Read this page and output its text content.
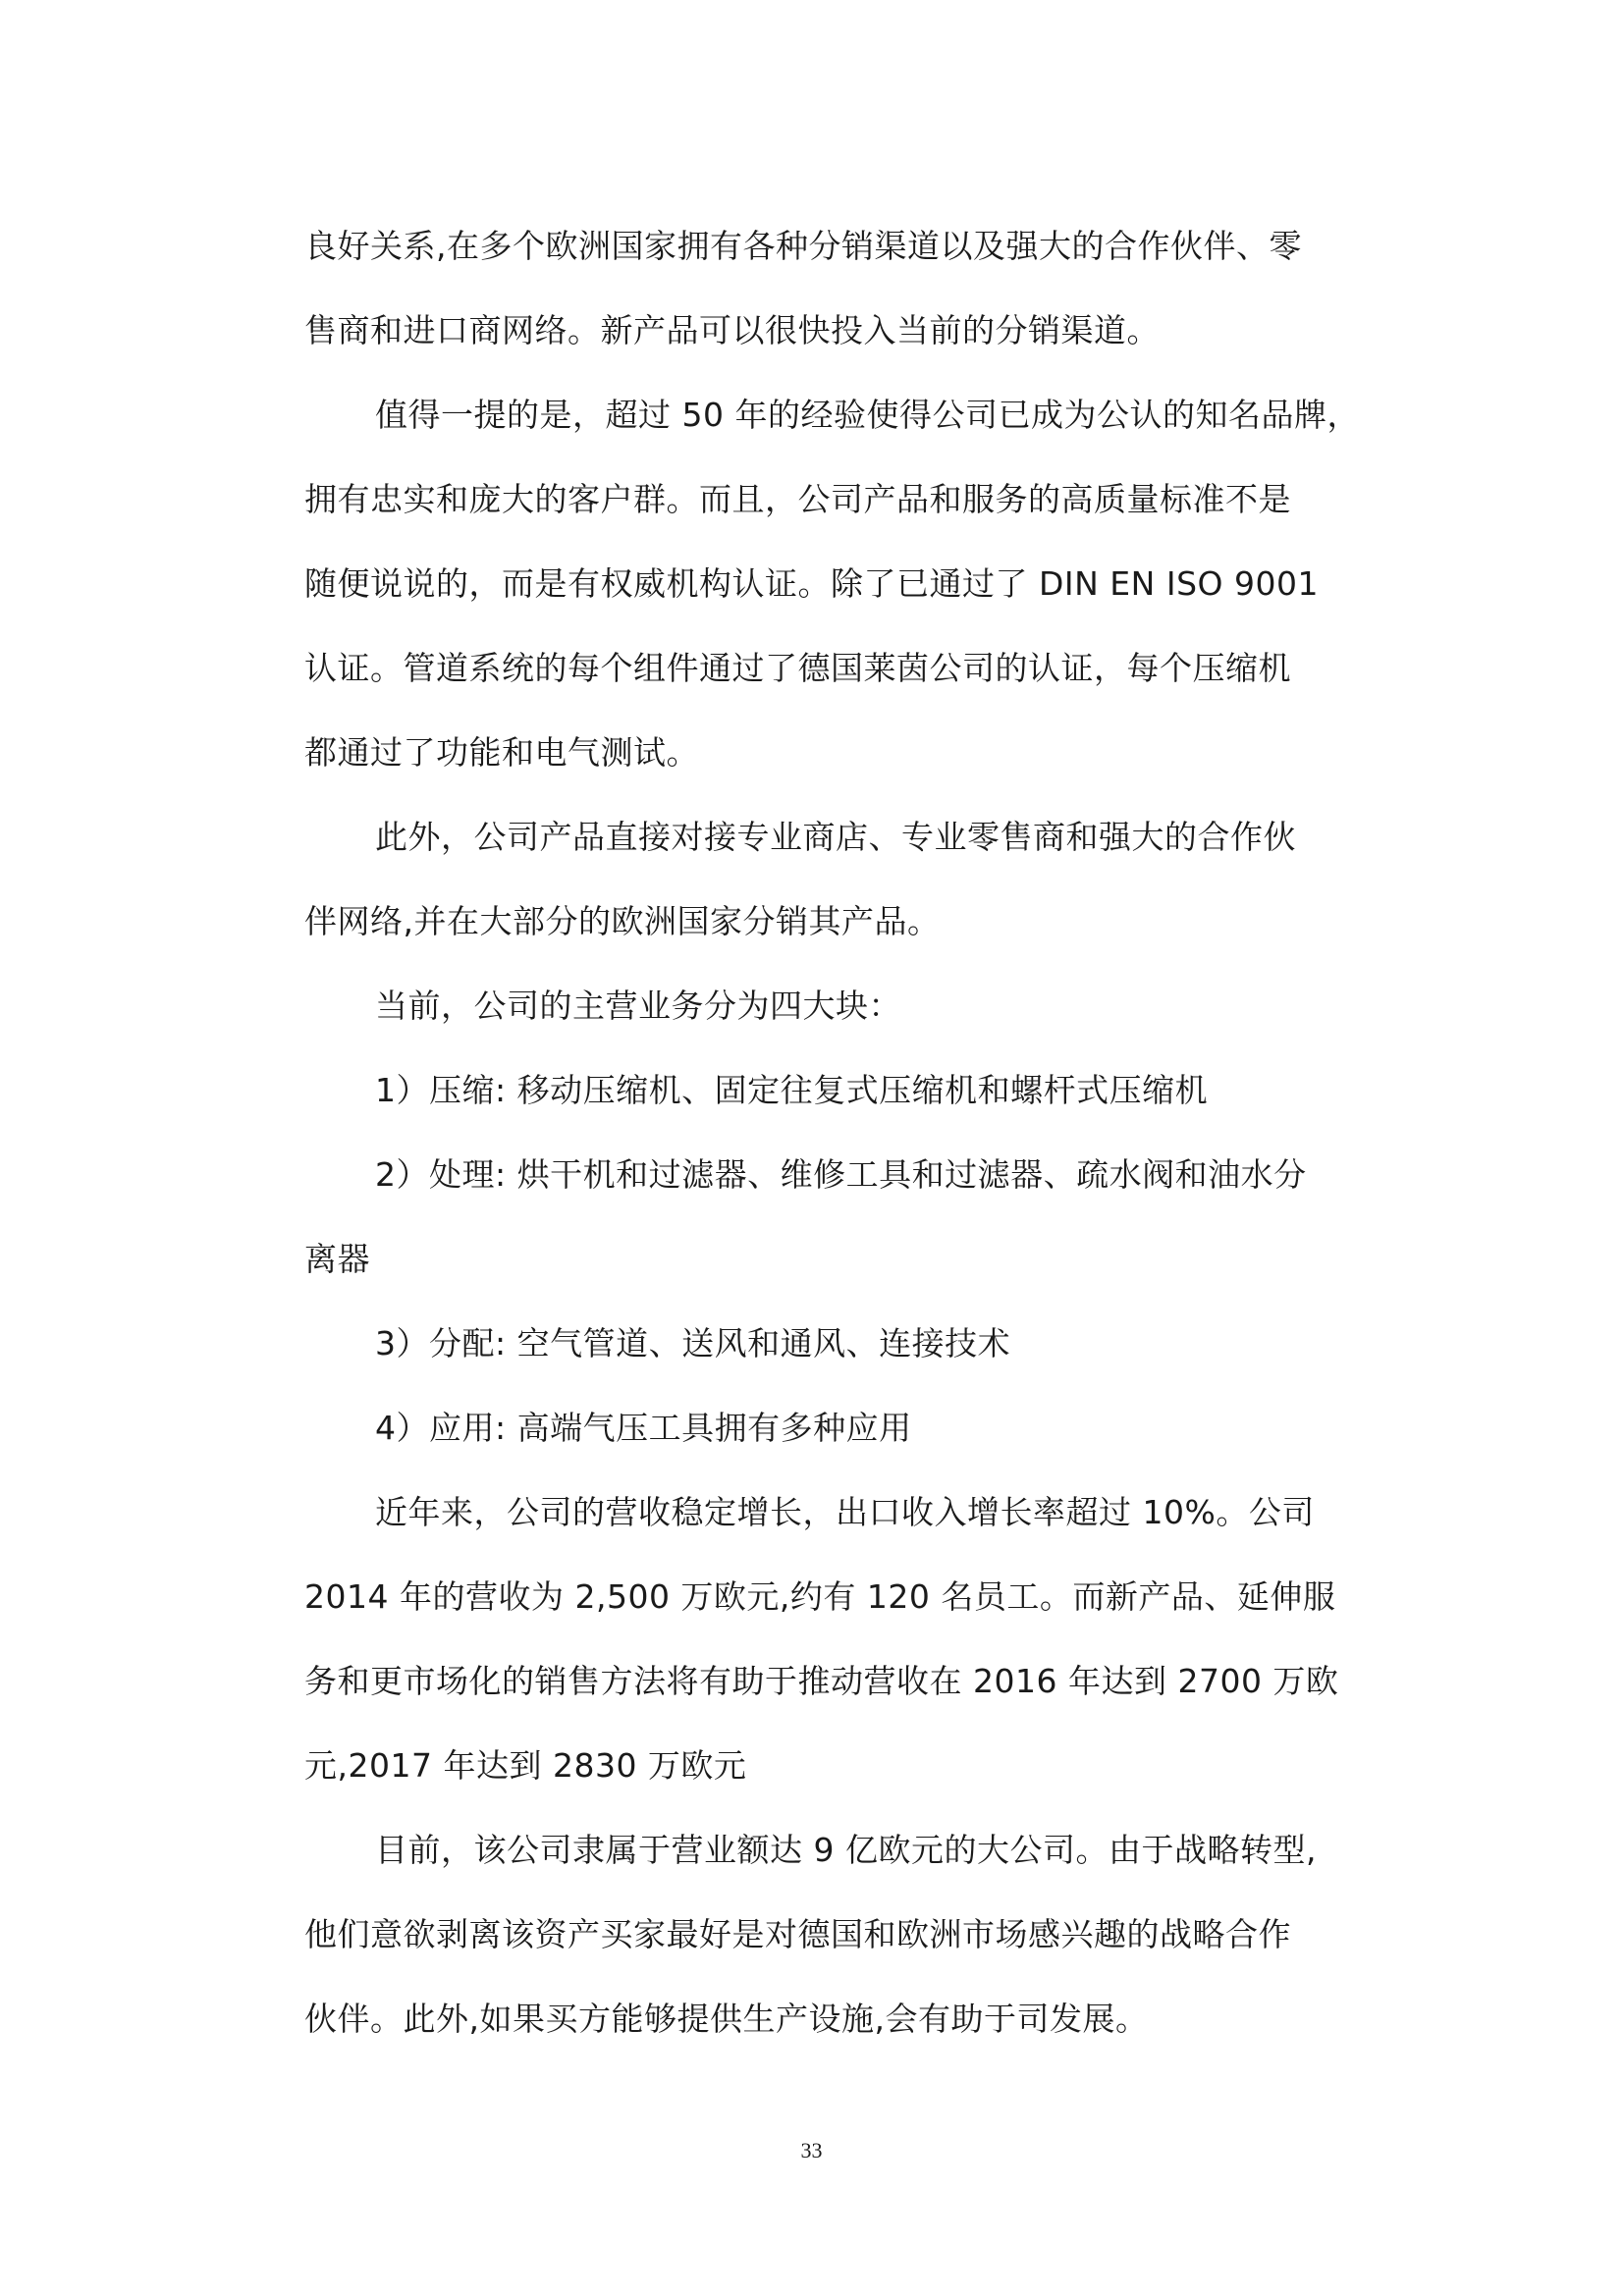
良好关系,在多个欧洲国家拥有各种分销渠道以及强大的合作伙伴、零
售商和进口商网络。新产品可以很快投入当前的分销渠道。
值得一提的是，超过 50 年的经验使得公司已成为公认的知名品牌，
拥有忠实和庞大的客户群。而且，公司产品和服务的高质量标准不是
随便说说的，而是有权威机构认证。除了已通过了 DIN EN ISO 9001
认证。管道系统的每个组件通过了德国莱茵公司的认证，每个压缩机
都通过了功能和电气测试。
此外，公司产品直接对接专业商店、专业零售商和强大的合作伙
伴网络,并在大部分的欧洲国家分销其产品。
当前，公司的主营业务分为四大块：
1）压缩: 移动压缩机、固定往复式压缩机和螺杆式压缩机
2）处理: 烘干机和过滤器、维修工具和过滤器、疏水阀和油水分
离器
3）分配: 空气管道、送风和通风、连接技术
4）应用: 高端气压工具拥有多种应用
近年来，公司的营收稳定增长，出口收入增长率超过 10%。公司
2014 年的营收为 2,500 万欧元,约有 120 名员工。而新产品、延伸服
务和更市场化的销售方法将有助于推动营收在 2016 年达到 2700 万欧
元,2017 年达到 2830 万欧元
目前，该公司隶属于营业额达 9 亿欧元的大公司。由于战略转型,
他们意欲剥离该资产买家最好是对德国和欧洲市场感兴趣的战略合作
伙伴。此外,如果买方能够提供生产设施,会有助于司发展。
33
